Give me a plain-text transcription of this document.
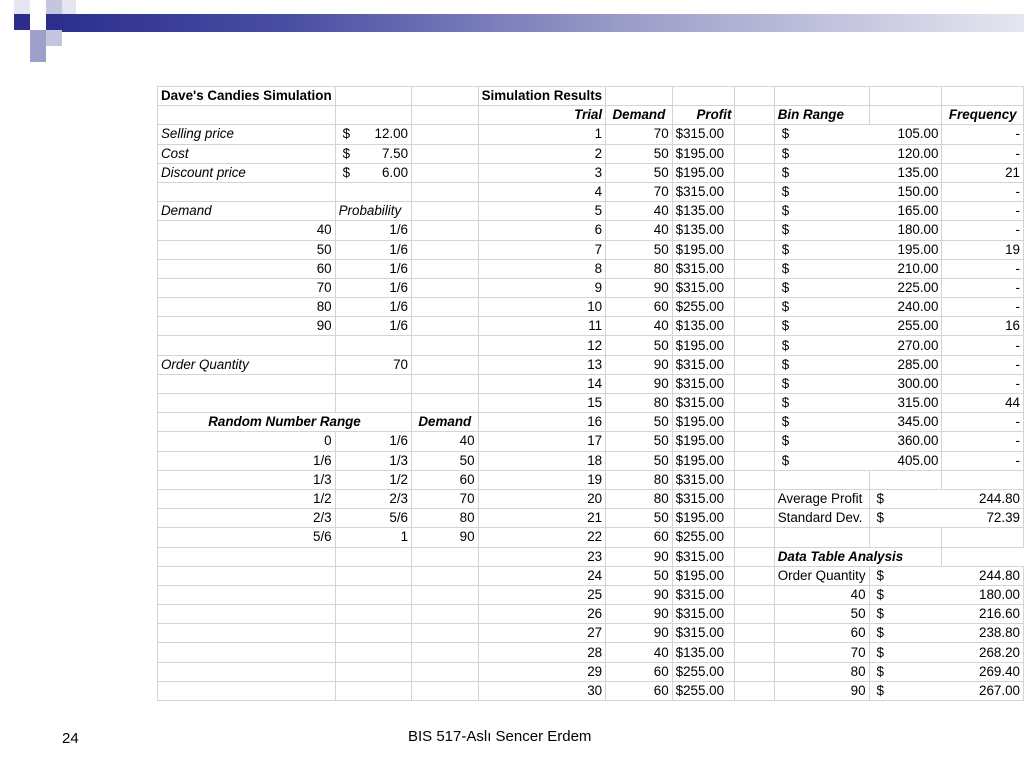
Dave's Candies Simulation			Simulation Results						
			Trial	Demand	Profit		Bin Range		Frequency
Selling price	$ 12.00		1	70	$315.00		$ 105.00		-
Cost	$ 7.50		2	50	$195.00		$ 120.00		-
Discount price	$ 6.00		3	50	$195.00		$ 135.00		21
			4	70	$315.00		$ 150.00		-
Demand	Probability		5	40	$135.00		$ 165.00		-
40	1/6		6	40	$135.00		$ 180.00		-
50	1/6		7	50	$195.00		$ 195.00		19
60	1/6		8	80	$315.00		$ 210.00		-
70	1/6		9	90	$315.00		$ 225.00		-
80	1/6		10	60	$255.00		$ 240.00		-
90	1/6		11	40	$135.00		$ 255.00		16
			12	50	$195.00		$ 270.00		-
Order Quantity	70		13	90	$315.00		$ 285.00		-
			14	90	$315.00		$ 300.00		-
			15	80	$315.00		$ 315.00		44
Random Number Range		Demand	16	50	$195.00		$ 345.00		-
0	1/6	40	17	50	$195.00		$ 360.00		-
1/6	1/3	50	18	50	$195.00		$ 405.00		-
1/3	1/2	60	19	80	$315.00				
1/2	2/3	70	20	80	$315.00		Average Profit	$ 244.80	

2/3	5/6	80	21	50	$195.00		Standard Dev.	$ 72.39	

5/6	1	90	22	60	$255.00				
			23	90	$315.00		Data Table Analysis		
			24	50	$195.00		Order Quantity	$ 244.80	

			25	90	$315.00		40	$ 180.00	

			26	90	$315.00		50	$ 216.60	

			27	90	$315.00		60	$ 238.80	

			28	40	$135.00		70	$ 268.20	

			29	60	$255.00		80	$ 269.40	

			30	60	$255.00		90	$ 267.00	
24	BIS 517-Aslı Sencer Erdem
